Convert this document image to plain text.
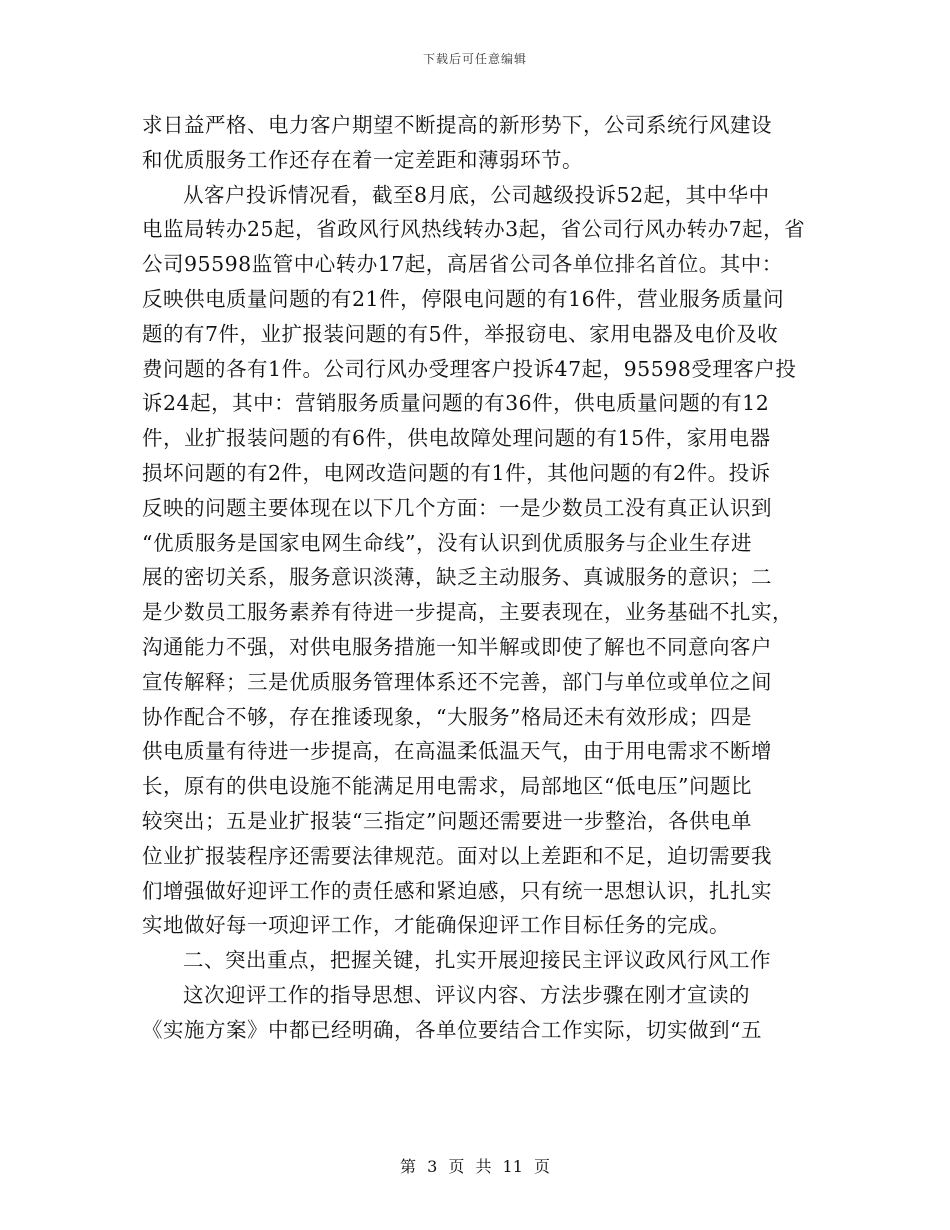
下载后可任意编辑
求日益严格、电力客户期望不断提高的新形势下，公司系统行风建设
和优质服务工作还存在着一定差距和薄弱环节。
从客户投诉情况看，截至8月底，公司越级投诉52起，其中华中
电监局转办25起，省政风行风热线转办3起，省公司行风办转办7起，省
公司95598监管中心转办17起，高居省公司各单位排名首位。其中：
反映供电质量问题的有21件，停限电问题的有16件，营业服务质量问
题的有7件，业扩报装问题的有5件，举报窃电、家用电器及电价及收
费问题的各有1件。公司行风办受理客户投诉47起，95598受理客户投
诉24起，其中：营销服务质量问题的有36件，供电质量问题的有12
件，业扩报装问题的有6件，供电故障处理问题的有15件，家用电器
损坏问题的有2件，电网改造问题的有1件，其他问题的有2件。投诉
反映的问题主要体现在以下几个方面：一是少数员工没有真正认识到
“优质服务是国家电网生命线”，没有认识到优质服务与企业生存进
展的密切关系，服务意识淡薄，缺乏主动服务、真诚服务的意识；二
是少数员工服务素养有待进一步提高，主要表现在，业务基础不扎实，
沟通能力不强，对供电服务措施一知半解或即使了解也不同意向客户
宣传解释；三是优质服务管理体系还不完善，部门与单位或单位之间
协作配合不够，存在推诿现象，“大服务”格局还未有效形成；四是
供电质量有待进一步提高，在高温柔低温天气，由于用电需求不断增
长，原有的供电设施不能满足用电需求，局部地区“低电压”问题比
较突出；五是业扩报装“三指定”问题还需要进一步整治，各供电单
位业扩报装程序还需要法律规范。面对以上差距和不足，迫切需要我
们增强做好迎评工作的责任感和紧迫感，只有统一思想认识，扎扎实
实地做好每一项迎评工作，才能确保迎评工作目标任务的完成。
二、突出重点，把握关键，扎实开展迎接民主评议政风行风工作
这次迎评工作的指导思想、评议内容、方法步骤在刚才宣读的
《实施方案》中都已经明确，各单位要结合工作实际，切实做到“五
第 3 页 共 11 页
